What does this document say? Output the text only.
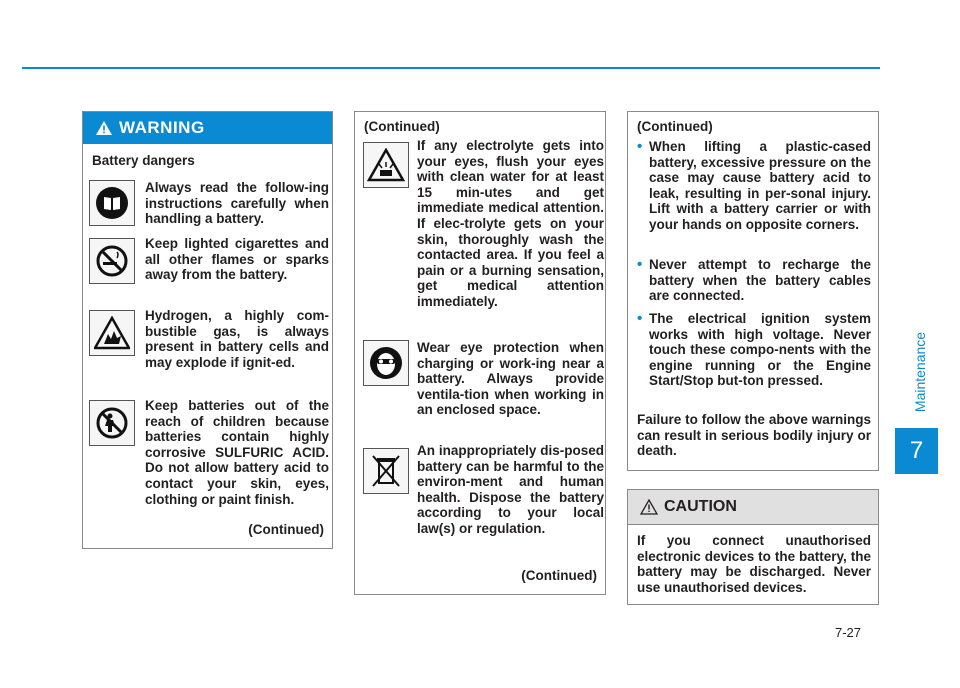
Maintenance
7
7-27
WARNING
Battery dangers
Always read the follow-ing instructions carefully when handling a battery.
Keep lighted cigarettes and all other flames or sparks away from the battery.
Hydrogen, a highly com-bustible gas, is always present in battery cells and may explode if ignit-ed.
Keep batteries out of the reach of children because batteries contain highly corrosive SULFURIC ACID. Do not allow battery acid to contact your skin, eyes, clothing or paint finish.
(Continued)
(Continued)
If any electrolyte gets into your eyes, flush your eyes with clean water for at least 15 min-utes and get immediate medical attention. If elec-trolyte gets on your skin, thoroughly wash the contacted area. If you feel a pain or a burning sensation, get medical attention immediately.
Wear eye protection when charging or work-ing near a battery. Always provide ventila-tion when working in an enclosed space.
An inappropriately dis-posed battery can be harmful to the environ-ment and human health. Dispose the battery according to your local law(s) or regulation.
(Continued)
(Continued)
• When lifting a plastic-cased battery, excessive pressure on the case may cause battery acid to leak, resulting in per-sonal injury. Lift with a battery carrier or with your hands on opposite corners.
• Never attempt to recharge the battery when the battery cables are connected.
• The electrical ignition system works with high voltage. Never touch these compo-nents with the engine running or the Engine Start/Stop but-ton pressed.
Failure to follow the above warnings can result in serious bodily injury or death.
CAUTION
If you connect unauthorised electronic devices to the battery, the battery may be discharged. Never use unauthorised devices.
